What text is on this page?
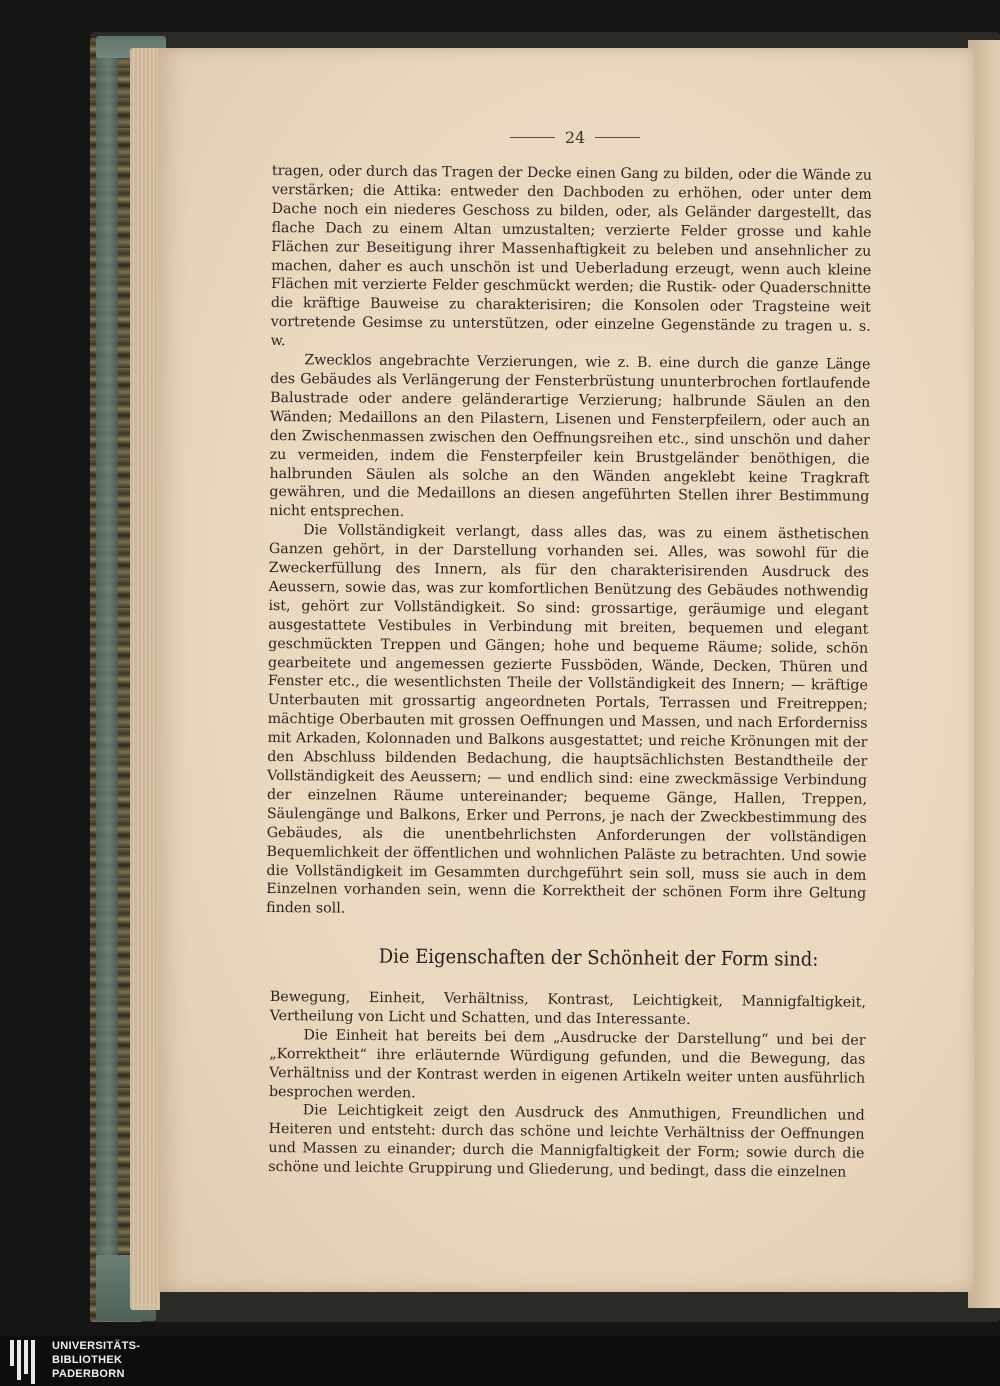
24

tragen, oder durch das Tragen der Decke einen Gang zu bilden, oder die Wände zu verstärken; die Attika: entweder den Dachboden zu erhöhen, oder unter dem Dache noch ein niederes Geschoss zu bilden, oder, als Geländer dargestellt, das flache Dach zu einem Altan umzustalten; verzierte Felder grosse und kahle Flächen zur Beseitigung ihrer Massenhaftigkeit zu beleben und ansehnlicher zu machen, daher es auch unschön ist und Ueberladung erzeugt, wenn auch kleine Flächen mit verzierte Felder geschmückt werden; die Rustik- oder Quaderschnitte die kräftige Bauweise zu charakterisiren; die Konsolen oder Tragsteine weit vortretende Gesimse zu unterstützen, oder einzelne Gegenstände zu tragen u. s. w.

Zwecklos angebrachte Verzierungen, wie z. B. eine durch die ganze Länge des Gebäudes als Verlängerung der Fensterbrüstung ununterbrochen fortlaufende Balustrade oder andere geländerartige Verzierung; halbrunde Säulen an den Wänden; Medaillons an den Pilastern, Lisenen und Fensterpfeilern, oder auch an den Zwischenmassen zwischen den Oeffnungsreihen etc., sind unschön und daher zu vermeiden, indem die Fensterpfeiler kein Brustgeländer benöthigen, die halbrunden Säulen als solche an den Wänden angeklebt keine Tragkraft gewähren, und die Medaillons an diesen angeführten Stellen ihrer Bestimmung nicht entsprechen.

Die Vollständigkeit verlangt, dass alles das, was zu einem ästhetischen Ganzen gehört, in der Darstellung vorhanden sei. Alles, was sowohl für die Zweckerfüllung des Innern, als für den charakterisirenden Ausdruck des Aeussern, sowie das, was zur komfortlichen Benützung des Gebäudes nothwendig ist, gehört zur Vollständigkeit. So sind: grossartige, geräumige und elegant ausgestattete Vestibules in Verbindung mit breiten, bequemen und elegant geschmückten Treppen und Gängen; hohe und bequeme Räume; solide, schön gearbeitete und angemessen gezierte Fussböden, Wände, Decken, Thüren und Fenster etc., die wesentlichsten Theile der Vollständigkeit des Innern; — kräftige Unterbauten mit grossartig angeordneten Portals, Terrassen und Freitreppen; mächtige Oberbauten mit grossen Oeffnungen und Massen, und nach Erforderniss mit Arkaden, Kolonnaden und Balkons ausgestattet; und reiche Krönungen mit der den Abschluss bildenden Bedachung, die hauptsächlichsten Bestandtheile der Vollständigkeit des Aeussern; — und endlich sind: eine zweckmässige Verbindung der einzelnen Räume untereinander; bequeme Gänge, Hallen, Treppen, Säulengänge und Balkons, Erker und Perrons, je nach der Zweckbestimmung des Gebäudes, als die unentbehrlichsten Anforderungen der vollständigen Bequemlichkeit der öffentlichen und wohnlichen Paläste zu betrachten. Und sowie die Vollständigkeit im Gesammten durchgeführt sein soll, muss sie auch in dem Einzelnen vorhanden sein, wenn die Korrektheit der schönen Form ihre Geltung finden soll.

Die Eigenschaften der Schönheit der Form sind:

Bewegung, Einheit, Verhältniss, Kontrast, Leichtigkeit, Mannigfaltigkeit, Vertheilung von Licht und Schatten, und das Interessante.

Die Einheit hat bereits bei dem „Ausdrucke der Darstellung“ und bei der „Korrektheit“ ihre erläuternde Würdigung gefunden, und die Bewegung, das Verhältniss und der Kontrast werden in eigenen Artikeln weiter unten ausführlich besprochen werden.

Die Leichtigkeit zeigt den Ausdruck des Anmuthigen, Freundlichen und Heiteren und entsteht: durch das schöne und leichte Verhältniss der Oeffnungen und Massen zu einander; durch die Mannigfaltigkeit der Form; sowie durch die schöne und leichte Gruppirung und Gliederung, und bedingt, dass die einzelnen

UNIVERSITÄTS-
BIBLIOTHEK
PADERBORN
